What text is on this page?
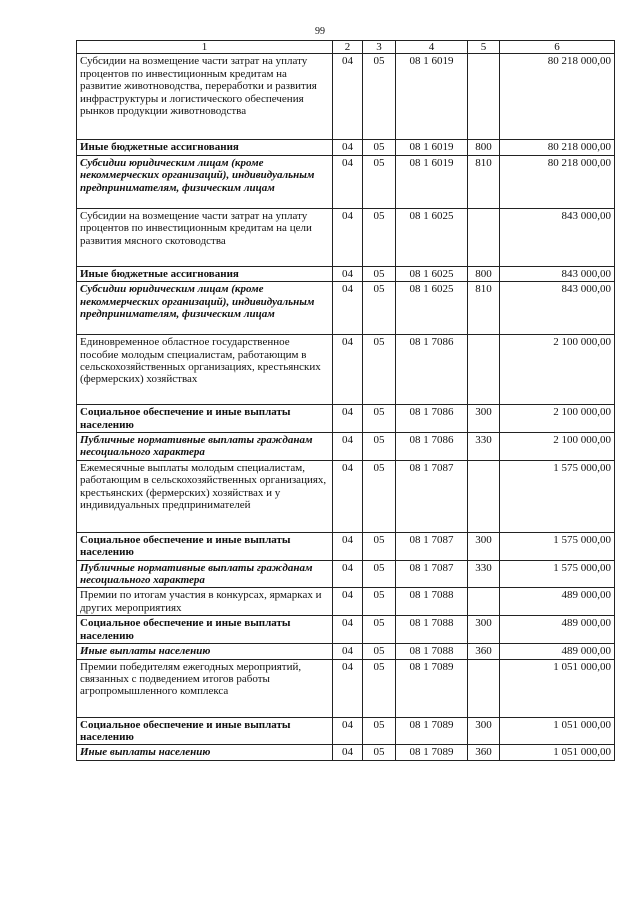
99
1	2	3	4	5	6
Субсидии на возмещение части затрат на уплату процентов по инвестиционным кредитам на развитие животноводства, переработки и развития инфраструктуры и логистического обеспечения рынков продукции животноводства	04	05	08 1 6019		80 218 000,00
Иные бюджетные ассигнования	04	05	08 1 6019	800	80 218 000,00
Субсидии юридическим лицам (кроме некоммерческих организаций), индивидуальным предпринимателям, физическим лицам	04	05	08 1 6019	810	80 218 000,00
Субсидии на возмещение части затрат на уплату процентов по инвестиционным кредитам на цели развития мясного скотоводства	04	05	08 1 6025		843 000,00
Иные бюджетные ассигнования	04	05	08 1 6025	800	843 000,00
Субсидии юридическим лицам (кроме некоммерческих организаций), индивидуальным предпринимателям, физическим лицам	04	05	08 1 6025	810	843 000,00
Единовременное областное государственное пособие молодым специалистам, работающим в сельскохозяйственных организациях, крестьянских (фермерских) хозяйствах	04	05	08 1 7086		2 100 000,00
Социальное обеспечение и иные выплаты населению	04	05	08 1 7086	300	2 100 000,00
Публичные нормативные выплаты гражданам несоциального характера	04	05	08 1 7086	330	2 100 000,00
Ежемесячные выплаты молодым специалистам, работающим в сельскохозяйственных организациях, крестьянских (фермерских) хозяйствах и у индивидуальных предпринимателей	04	05	08 1 7087		1 575 000,00
Социальное обеспечение и иные выплаты населению	04	05	08 1 7087	300	1 575 000,00
Публичные нормативные выплаты гражданам несоциального характера	04	05	08 1 7087	330	1 575 000,00
Премии по итогам участия в конкурсах, ярмарках и других мероприятиях	04	05	08 1 7088		489 000,00
Социальное обеспечение и иные выплаты населению	04	05	08 1 7088	300	489 000,00
Иные выплаты населению	04	05	08 1 7088	360	489 000,00
Премии победителям ежегодных мероприятий, связанных с подведением итогов работы агропромышленного комплекса	04	05	08 1 7089		1 051 000,00
Социальное обеспечение и иные выплаты населению	04	05	08 1 7089	300	1 051 000,00
Иные выплаты населению	04	05	08 1 7089	360	1 051 000,00
